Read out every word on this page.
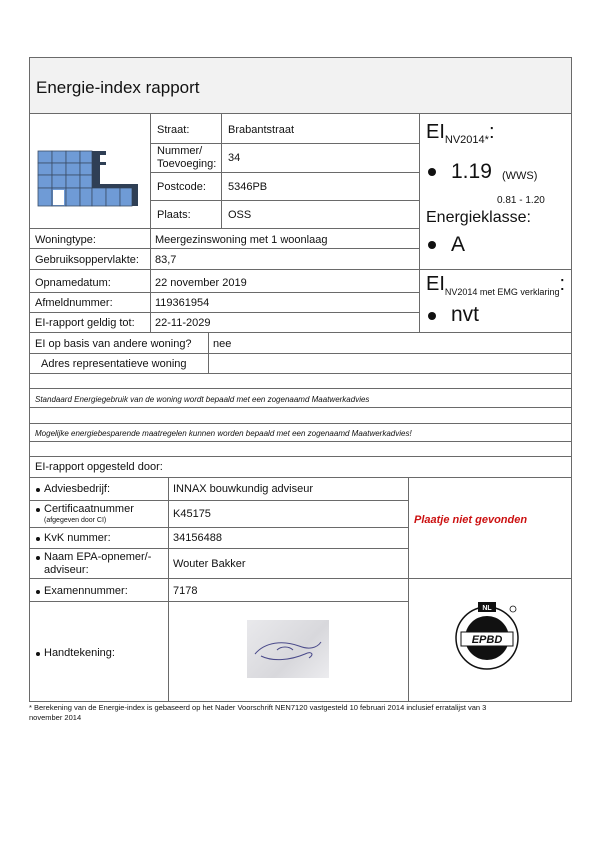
Energie-index rapport
Straat:	Brabantstraat
Nummer/
Toevoeging: 34
Postcode: 5346PB
Plaats:	OSS
Woningtype:	Meergezinswoning met 1 woonlaag
Gebruiksoppervlakte: 83,7
Opnamedatum:	22 november 2019
Afmeldnummer:	119361954
EI-rapport geldig tot: 22-11-2029
$EI_{NV2014*}$:
1.19 (WWS)
0.81 - 1.20
Energieklasse:
A
$EI_{NV2014 met EMG verklaring}$:
nvt
EI op basis van andere woning? nee
Adres representatieve woning
Standaard Energiegebruik van de woning wordt bepaald met een zogenaamd Maatwerkadvies
Mogelijke energiebesparende maatregelen kunnen worden bepaald met een zogenaamd Maatwerkadvies!
EI-rapport opgesteld door:
Adviesbedrijf:	INNAX bouwkundig adviseur
Certificaatnummer
(afgegeven door CI)
K45175
KvK nummer:	34156488
Naam EPA-opnemer/-
adviseur:	Wouter Bakker
Examennummer:	7178
Handtekening:
Plaatje niet gevonden
EPBD
NL
* Berekening van de Energie-index is gebaseerd op het Nader Voorschrift NEN7120 vastgesteld 10 februari 2014 inclusief erratalijst van 3
november 2014
